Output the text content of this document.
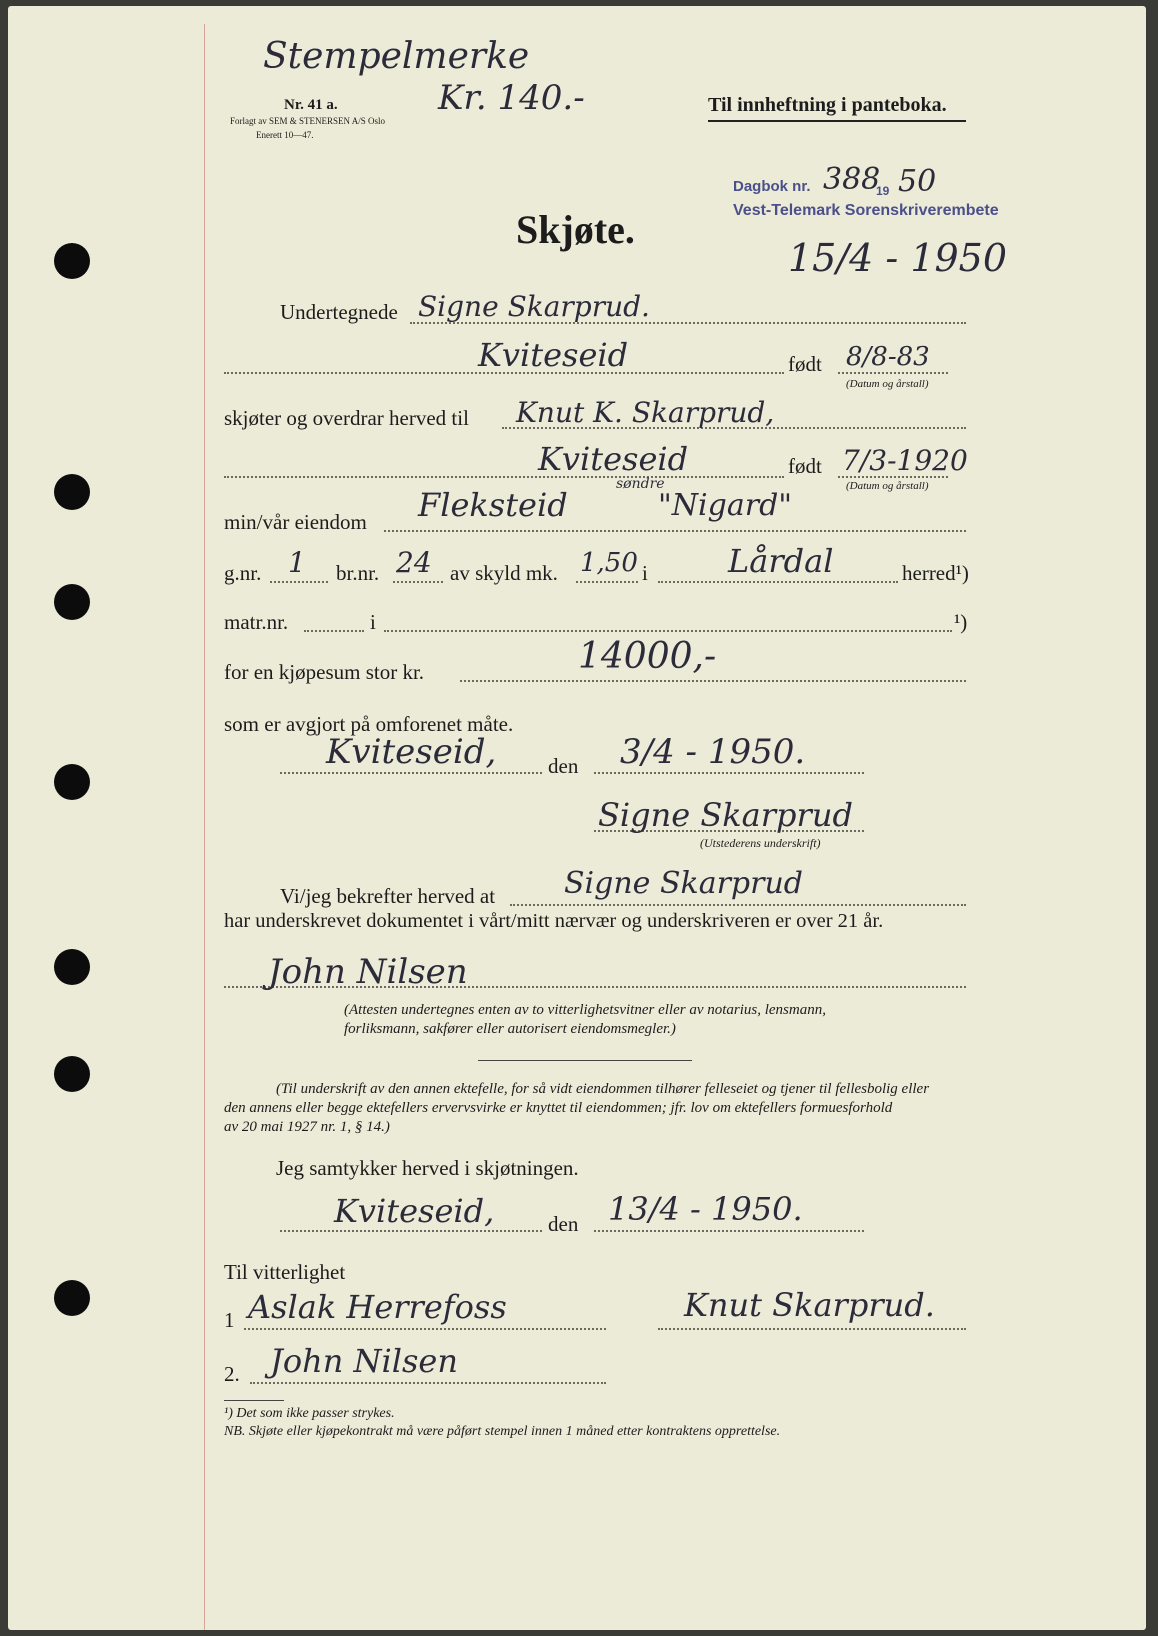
Stempelmerke
Kr. 140.-
Nr. 41 a.
Forlagt av SEM & STENERSEN A/S Oslo
Enerett 10—47.
Til innheftning i panteboka.
Dagbok nr. 388
19 50
Vest-Telemark Sorenskriverembete
15/4 - 1950
Skjøte.
Undertegnede Signe Skarprud.
Kviteseid	født 8/8-83
(Datum og årstall)
skjøter og overdrar herved til Knut K. Skarprud,
Kviteseid	født 7/3-1920
(Datum og årstall)
min/vår eiendom Fleksteid
søndre
"Nigard"
g.nr. 1 br.nr. 24 av skyld mk. 1,50 i	Lårdal	herred¹)
matr.nr.	i	¹)
for en kjøpesum stor kr.	14000,-
som er avgjort på omforenet måte.
Kviteseid, den 3/4 - 1950.
Signe Skarprud
(Utstederens underskrift)
Vi/jeg bekrefter herved at Signe Skarprud
har underskrevet dokumentet i vårt/mitt nærvær og underskriveren er over 21 år.
John Nilsen
(Attesten undertegnes enten av to vitterlighetsvitner eller av notarius, lensmann,
forliksmann, sakfører eller autorisert eiendomsmegler.)
(Til underskrift av den annen ektefelle, for så vidt eiendommen tilhører felleseiet og tjener til fellesbolig eller
den annens eller begge ektefellers ervervsvirke er knyttet til eiendommen; jfr. lov om ektefellers formuesforhold
av 20 mai 1927 nr. 1, § 14.)
Jeg samtykker herved i skjøtningen.
Kviteseid,	den 13/4 - 1950.
Til vitterlighet
1 Aslak Herrefoss	Knut Skarprud.
2. John Nilsen
¹) Det som ikke passer strykes.
NB. Skjøte eller kjøpekontrakt må være påført stempel innen 1 måned etter kontraktens opprettelse.
